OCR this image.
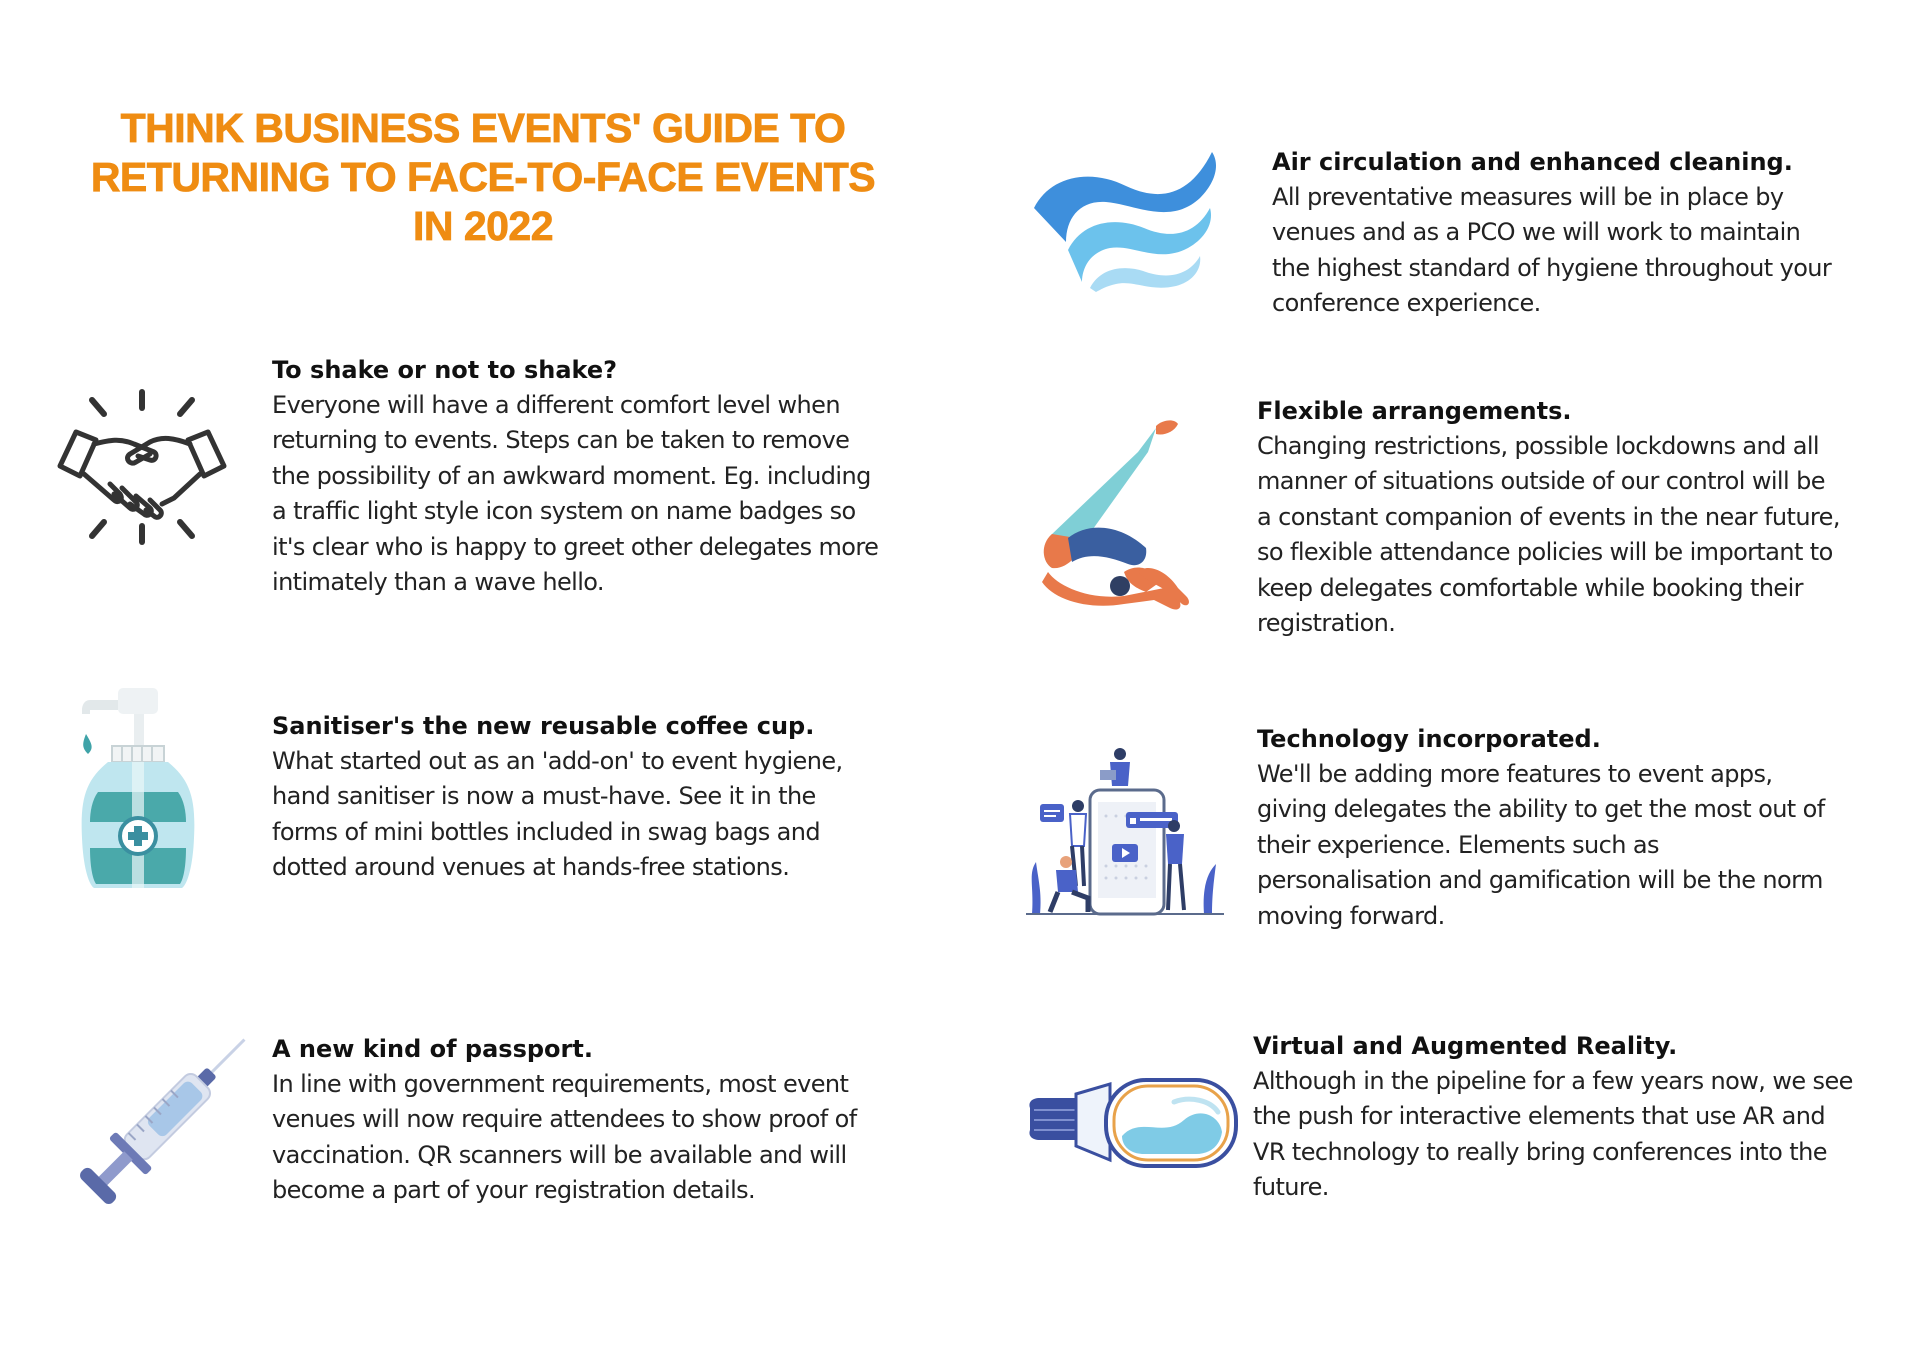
THINK BUSINESS EVENTS' GUIDE TO
RETURNING TO FACE-TO-FACE EVENTS
IN 2022

To shake or not to shake?

Everyone will have a different comfort level when
returning to events. Steps can be taken to remove
the possibility of an awkward moment. Eg. including
a traffic light style icon system on name badges so
it's clear who is happy to greet other delegates more
intimately than a wave hello.

Sanitiser's the new reusable coffee cup.

What started out as an 'add-on' to event hygiene,
hand sanitiser is now a must-have. See it in the
forms of mini bottles included in swag bags and
dotted around venues at hands-free stations.

A new kind of passport.

In line with government requirements, most event
venues will now require attendees to show proof of
vaccination. QR scanners will be available and will
become a part of your registration details.

Air circulation and enhanced cleaning.

All preventative measures will be in place by
venues and as a PCO we will work to maintain
the highest standard of hygiene throughout your
conference experience.

Flexible arrangements.

Changing restrictions, possible lockdowns and all
manner of situations outside of our control will be
a constant companion of events in the near future,
so flexible attendance policies will be important to
keep delegates comfortable while booking their
registration.

Technology incorporated.

We'll be adding more features to event apps,
giving delegates the ability to get the most out of
their experience. Elements such as
personalisation and gamification will be the norm
moving forward.

Virtual and Augmented Reality.

Although in the pipeline for a few years now, we see
the push for interactive elements that use AR and
VR technology to really bring conferences into the
future.
